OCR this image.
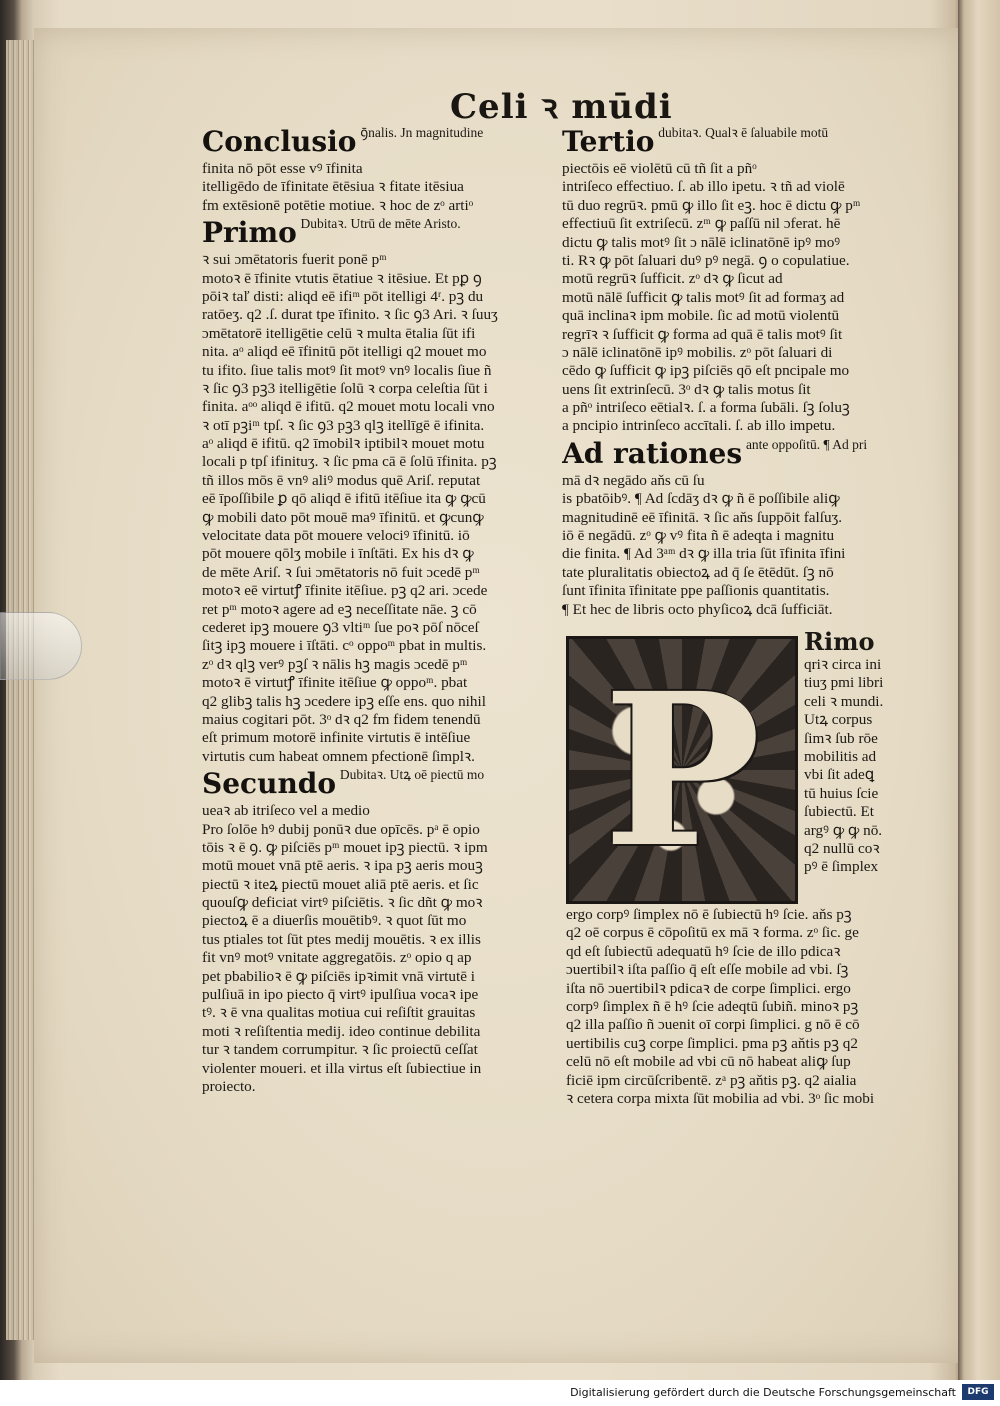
Celi ꝛ mūdi
Conclusio ꝯ̄nalis. Jn magnitudine
finita nō pōt esse vꝰ īfinita
itelligēdo de īfinitate ētēsiua ꝛ fitate itēsiua
fm extēsionē potētie motiue. ꝛ hoc de zᵒ artiᵒ
Primo Dubitaꝛ. Utrū de mēte Aristo.
ꝛ sui ɔmētatoris fuerit ponē pᵐ
motoꝛ ē īfinite vtutis ētatiue ꝛ itēsiue. Et pꝑ ꝯ
pōiꝛ taľ disti: aliqd eē ifiᵐ pōt itelligi 4ʳ. pꝫ du
ratōeʒ. q2 .ſ. durat tpe īfinito. ꝛ ſic ꝯ3 Ari. ꝛ ſuuʒ
ɔmētatorē itelligētie celū ꝛ multa ētalia ſūt ifi
nita. aᵒ aliqd eē īfinitū pōt itelligi q2 mouet mo
tu ifito. ſiue talis motꝰ ſit motꝰ vnꝰ localis ſiue ñ
ꝛ ſic ꝯ3 pꝫ3 itelligētie ſolū ꝛ corpa celeſtia ſūt i
finita. aᵒᵒ aliqd ē ifitū. q2 mouet motu locali vno
ꝛ otī pꝫiᵐ tpſ. ꝛ ſic ꝯ3 pꝫ3 qlꝫ itellīgē ē ifinita.
aᵒ aliqd ē ifitū. q2 īmobilꝛ iptibilꝛ mouet motu
locali p tpſ ifinituʒ. ꝛ ſic pma cā ē ſolū īfinita. pꝫ
tñ illos mōs ē vnꝰ aliꝰ modus quē Ariſ. reputat
eē īpoſſibile ꝑ qō aliqd ē ifitū itēſiue ita ꝙ ꝙcū
ꝙ mobili dato pōt mouē maꝰ īfinitū. et ꝙcunꝙ
velocitate data pōt mouere velociꝰ īfinitū. iō
pōt mouere qōlʒ mobile i īnſtāti. Ex his dꝛ ꝙ
de mēte Ariſ. ꝛ ſui ɔmētatoris nō fuit ɔcedē pᵐ
motoꝛ eē virtutꝭ īfinite itēſiue. pꝫ q2 ari. ɔcede
ret pᵐ motoꝛ agere ad eꝫ neceſſitate nāe. ꝫ cō
cederet ipꝫ mouere ꝯ3 vltiᵐ ſue poꝛ pōſ nōceſ
ſitꝫ ipꝫ mouere i īſtāti. cᵒ oppoᵐ pbat in multis.
zᵒ dꝛ qlꝫ verꝰ pꝫſ ꝛ nālis hꝫ magis ɔcedē pᵐ
motoꝛ ē virtutꝭ īfinite itēſiue ꝙ oppoᵐ. pbat
q2 glibꝫ talis hꝫ ɔcedere ipꝫ eſſe ens. quo nihil
maius cogitari pōt. 3ᵒ dꝛ q2 fm fidem tenendū
eſt primum motorē infinite virtutis ē intēſiue
virtutis cum habeat omnem pfectionē ſimplꝛ.
Secundo Dubitaꝛ. Utꝝ oē piectū mo
ueaꝛ ab itriſeco vel a medio
Pro ſolōe hꝰ dubij ponūꝛ due opīcēs. pᵃ ē opio
tōis ꝛ ē ꝯ. ꝙ piſciēs pᵐ mouet ipꝫ piectū. ꝛ ipm
motū mouet vnā ptē aeris. ꝛ ipa pꝫ aeris mouꝫ
piectū ꝛ iteꝝ piectū mouet aliā ptē aeris. et ſic
quouſꝙ deficiat virtꝰ piſciētis. ꝛ ſic dñt ꝙ moꝛ
piectoꝝ ē a diuerſis mouētibꝰ. ꝛ quot ſūt mo
tus ptiales tot ſūt ptes medij mouētis. ꝛ ex illis
fit vnꝰ motꝰ vnitate aggregatōis. zᵒ opio q ap
pet pbabilioꝛ ē ꝙ piſciēs ipꝛimit vnā virtutē i
pulſiuā in ipo piecto q̄ virtꝰ ipulſiua vocaꝛ ipe
tꝰ. ꝛ ē vna qualitas motiua cui reſiſtit grauitas
moti ꝛ reſiſtentia medij. ideo continue debilita
tur ꝛ tandem corrumpitur. ꝛ ſic proiectū ceſſat
violenter moueri. et illa virtus eſt ſubiectiue in
proiecto.
Tertio dubitaꝛ. Qualꝛ ē ſaluabile motū
piectōis eē violētū cū tñ ſit a pñᵒ
intriſeco effectiuo. ſ. ab illo ipetu. ꝛ tñ ad violē
tū duo regrūꝛ. pmū ꝙ illo ſit eꝫ. hoc ē dictu ꝙ pᵐ
effectiuū ſit extriſecū. zᵐ ꝙ paſſū nil ɔferat. hē
dictu ꝙ talis motꝰ ſit ɔ nālē iclinatōnē ipꝰ moꝰ
ti. Rꝛ ꝙ pōt ſaluari duꝰ pꝰ negā. ꝯ o copulatiue.
motū regrūꝛ ſufficit. zᵒ dꝛ ꝙ ſicut ad
motū nālē ſufficit ꝙ talis motꝰ ſit ad formaʒ ad
quā inclinaꝛ ipm mobile. ſic ad motū violentū
regrīꝛ ꝛ ſufficit ꝙ forma ad quā ē talis motꝰ ſit
ɔ nālē iclinatōnē ipꝰ mobilis. zᵒ pōt ſaluari di
cēdo ꝙ ſufficit ꝙ ipꝫ piſciēs qō eſt pncipale mo
uens ſit extrinſecū. 3ᵒ dꝛ ꝙ talis motus ſit
a pñᵒ intriſeco eētialꝛ. ſ. a forma ſubāli. ſꝫ ſoluꝫ
a pncipio intrinſeco accītali. ſ. ab illo impetu.
Ad rationes ante oppoſitū. ¶ Ad pri
mā dꝛ negādo aňs cū ſu
is pbatōibꝰ. ¶ Ad ſcdāʒ dꝛ ꝙ ñ ē poſſibile aliꝙ
magnitudinē eē īfinitā. ꝛ ſic aňs ſuppōit falſuʒ.
iō ē negādū. zᵒ ꝙ vꝰ fita ñ ē adeqta i magnitu
die finita. ¶ Ad 3ᵃᵐ dꝛ ꝙ illa tria ſūt īfinita īfini
tate pluralitatis obiectoꝝ ad q̄ ſe ētēdūt. ſꝫ nō
ſunt īfinita īfinitate ppe paſſionis quantitatis.
¶ Et hec de libris octo phyſicoꝝ dcā ſufficiāt.
P
Rimo
qriꝛ circa ini
tiuʒ pmi libri
celi ꝛ mundi.
Utꝝ corpus
ſimꝛ ſub rōe
mobilitis ad
vbi ſit adeꝗ
tū huius ſcie
ſubiectū. Et
argꝰ ꝙ ꝙ nō.
q2 nullū coꝛ
pꝰ ē ſimplex
ergo corpꝰ ſimplex nō ē ſubiectū hꝰ ſcie. aňs pꝫ
q2 oē corpus ē cōpoſitū ex mā ꝛ forma. zᵒ ſic. ge
qd eſt ſubiectū adequatū hꝰ ſcie de illo pdicaꝛ
ɔuertibilꝛ iſta paſſio q̄ eſt eſſe mobile ad vbi. ſꝫ
iſta nō ɔuertibilꝛ pdicaꝛ de corpe ſimplici. ergo
corpꝰ ſimplex ñ ē hꝰ ſcie adeqtū ſubiñ. minoꝛ pꝫ
q2 illa paſſio ñ ɔuenit oī corpi ſimplici. g nō ē cō
uertibilis cuꝫ corpe ſimplici. pma pꝫ aňtis pꝫ q2
celū nō eſt mobile ad vbi cū nō habeat aliꝙ ſup
ficiē ipm circūſcribentē. zᵃ pꝫ aňtis pꝫ. q2 aialia
ꝛ cetera corpa mixta ſūt mobilia ad vbi. 3ᵒ ſic mobi
Digitalisierung gefördert durch die Deutsche Forschungsgemeinschaft	DFG
